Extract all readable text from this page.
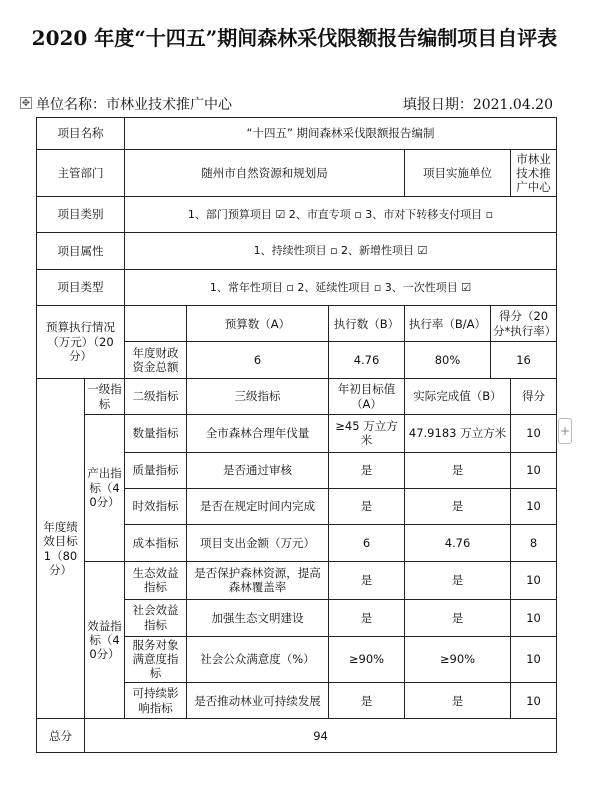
2020 年度“十四五”期间森林采伐限额报告编制项目自评表
✥ 单位名称：市林业技术推广中心	填报日期：2021.04.20
项目名称		“十四五” 期间森林采伐限额报告编制					
主管部门		随州市自然资源和规划局			项目实施单位		市林业技术推广中心
项目类别		1、部门预算项目 ☑ 2、市直专项 ▫ 3、市对下转移支付项目 ▫					
项目属性		1、持续性项目 ▫ 2、新增性项目 ☑					
项目类型		1、常年性项目 ▫ 2、延续性项目 ▫ 3、一次性项目 ☑					
预算执行情况（万元）（20 分）			预算数（A）	执行数（B）	执行率（B/A）	得分（20 分*执行率）	
		年度财政资金总额	6	4.76	80%	16	
年度绩效目标 1（80分）	一级指标	二级指标	三级指标	年初目标值（A）	实际完成值（B）		得分
	产出指标（40分）	数量指标	全市森林合理年伐量	≥45 万立方米	47.9183 万立方米		10
		质量指标	是否通过审核	是	是		10
		时效指标	是否在规定时间内完成	是	是		10
		成本指标	项目支出金额（万元）	6	4.76		8
	效益指标（40分）	生态效益指标	是否保护森林资源，提高森林覆盖率	是	是		10
		社会效益指标	加强生态文明建设	是	是		10
		服务对象满意度指标	社会公众满意度（%）	≥90%	≥90%		10
		可持续影响指标	是否推动林业可持续发展	是	是		10
总分	94						
+
